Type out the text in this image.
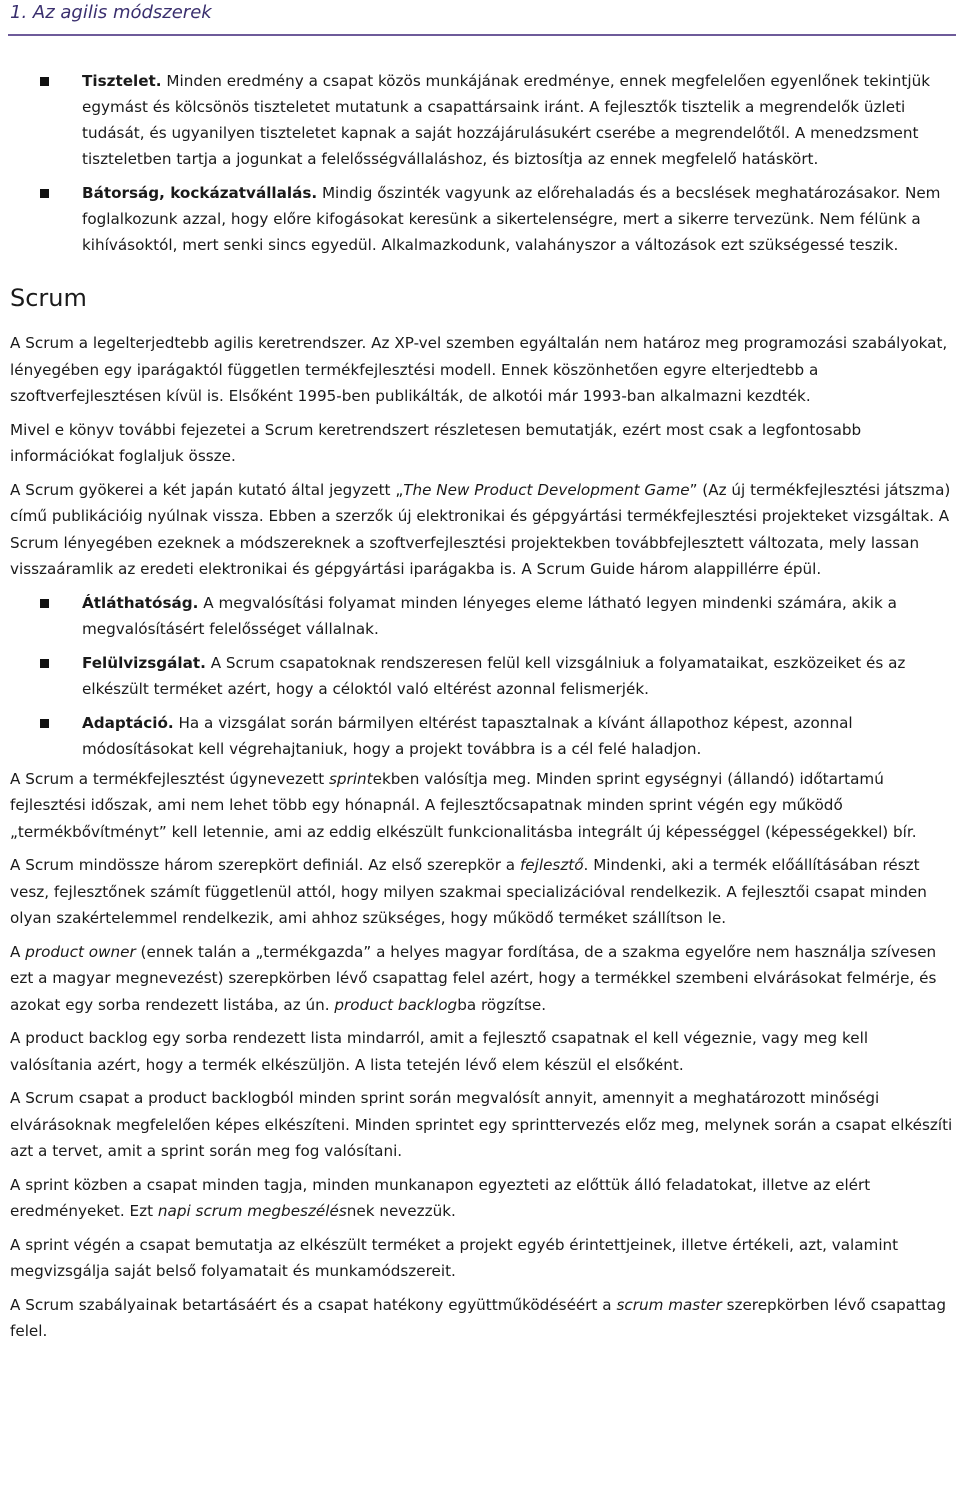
1. Az agilis módszerek
Tisztelet. Minden eredmény a csapat közös munkájának eredménye, ennek megfelelően egyenlőnek tekintjük egymást és kölcsönös tiszteletet mutatunk a csapattársaink iránt. A fejlesztők tisztelik a megrendelők üzleti tudását, és ugyanilyen tiszteletet kapnak a saját hozzájárulásukért cserébe a megrendelőtől. A menedzsment tiszteletben tartja a jogunkat a felelősségvállaláshoz, és biztosítja az ennek megfelelő hatáskört.
Bátorság, kockázatvállalás. Mindig őszinték vagyunk az előrehaladás és a becslések meghatározásakor. Nem foglalkozunk azzal, hogy előre kifogásokat keresünk a sikertelenségre, mert a sikerre tervezünk. Nem félünk a kihívásoktól, mert senki sincs egyedül. Alkalmazkodunk, valahányszor a változások ezt szükségessé teszik.
Scrum

A Scrum a legelterjedtebb agilis keretrendszer. Az XP-vel szemben egyáltalán nem határoz meg programozási szabályokat, lényegében egy iparágaktól független termékfejlesztési modell. Ennek köszönhetően egyre elterjedtebb a szoftverfejlesztésen kívül is. Elsőként 1995-ben publikálták, de alkotói már 1993-ban alkalmazni kezdték.

Mivel e könyv további fejezetei a Scrum keretrendszert részletesen bemutatják, ezért most csak a legfontosabb információkat foglaljuk össze.

A Scrum gyökerei a két japán kutató által jegyzett „The New Product Development Game” (Az új termékfejlesztési játszma) című publikációig nyúlnak vissza. Ebben a szerzők új elektronikai és gépgyártási termékfejlesztési projekteket vizsgáltak. A Scrum lényegében ezeknek a módszereknek a szoftverfejlesztési projektekben továbbfejlesztett változata, mely lassan visszaáramlik az eredeti elektronikai és gépgyártási iparágakba is. A Scrum Guide három alappillérre épül.

Átláthatóság. A megvalósítási folyamat minden lényeges eleme látható legyen mindenki számára, akik a megvalósításért felelősséget vállalnak.
Felülvizsgálat. A Scrum csapatoknak rendszeresen felül kell vizsgálniuk a folyamataikat, eszközeiket és az elkészült terméket azért, hogy a céloktól való eltérést azonnal felismerjék.
Adaptáció. Ha a vizsgálat során bármilyen eltérést tapasztalnak a kívánt állapothoz képest, azonnal módosításokat kell végrehajtaniuk, hogy a projekt továbbra is a cél felé haladjon.

A Scrum a termékfejlesztést úgynevezett sprintekben valósítja meg. Minden sprint egységnyi (állandó) időtartamú fejlesztési időszak, ami nem lehet több egy hónapnál. A fejlesztőcsapatnak minden sprint végén egy működő „termékbővítményt” kell letennie, ami az eddig elkészült funkcionalitásba integrált új képességgel (képességekkel) bír.

A Scrum mindössze három szerepkört definiál. Az első szerepkör a fejlesztő. Mindenki, aki a termék előállításában részt vesz, fejlesztőnek számít függetlenül attól, hogy milyen szakmai specializációval rendelkezik. A fejlesztői csapat minden olyan szakértelemmel rendelkezik, ami ahhoz szükséges, hogy működő terméket szállítson le.

A product owner (ennek talán a „termékgazda” a helyes magyar fordítása, de a szakma egyelőre nem használja szívesen ezt a magyar megnevezést) szerepkörben lévő csapattag felel azért, hogy a termékkel szembeni elvárásokat felmérje, és azokat egy sorba rendezett listába, az ún. product backlogba rögzítse.

A product backlog egy sorba rendezett lista mindarról, amit a fejlesztő csapatnak el kell végeznie, vagy meg kell valósítania azért, hogy a termék elkészüljön. A lista tetején lévő elem készül el elsőként.

A Scrum csapat a product backlogból minden sprint során megvalósít annyit, amennyit a meghatározott minőségi elvárásoknak megfelelően képes elkészíteni. Minden sprintet egy sprinttervezés előz meg, melynek során a csapat elkészíti azt a tervet, amit a sprint során meg fog valósítani.

A sprint közben a csapat minden tagja, minden munkanapon egyezteti az előttük álló feladatokat, illetve az elért eredményeket. Ezt napi scrum megbeszélésnek nevezzük.

A sprint végén a csapat bemutatja az elkészült terméket a projekt egyéb érintettjeinek, illetve értékeli, azt, valamint megvizsgálja saját belső folyamatait és munkamódszereit.

A Scrum szabályainak betartásáért és a csapat hatékony együttműködéséért a scrum master szerepkörben lévő csapattag felel.
